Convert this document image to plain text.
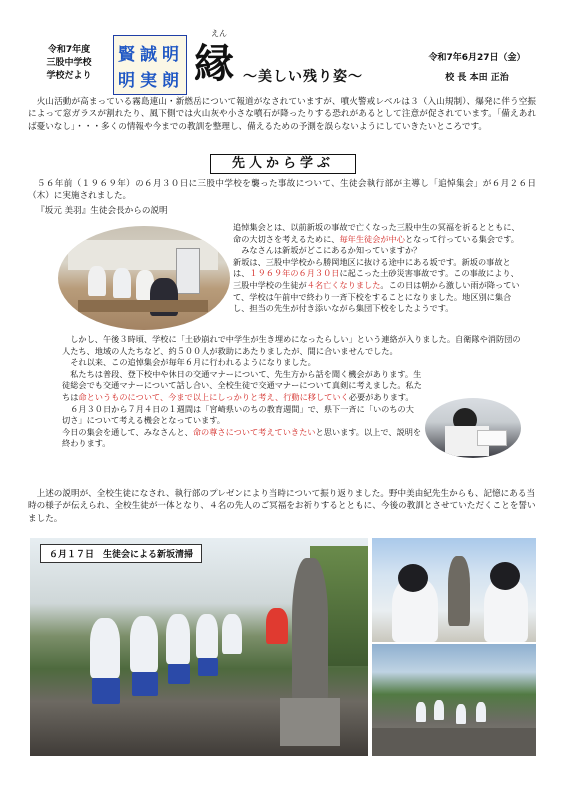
令和7年度
三股中学校
学校だより
賢 誠 明
明 実 朗
えん
縁 ～美しい残り姿～
令和7年6月27日（金）
校 長 本田 正治
　火山活動が高まっている霧島連山・新燃岳について報道がなされていますが、噴火警戒レベルは３（入山規制）、爆発に伴う空振によって窓ガラスが割れたり、風下側では火山灰や小さな噴石が降ったりする恐れがあるとして注意が促されています。「備えあれば憂いなし」・・・多くの情報や今までの教訓を整理し、備えるための予測を誤らないようにしていきたいところです。
先人から学ぶ
　５６年前（１９６９年）の６月３０日に三股中学校を襲った事故について、生徒会執行部が主導し「追悼集会」が６月２６日（木）に実施されました。
『坂元 美羽』生徒会長からの説明
追悼集会とは、以前新坂の事故で亡くなった三股中生の冥福を祈るとともに、命の大切さを考えるために、毎年生徒会が中心となって行っている集会です。
　みなさんは新坂がどこにあるか知っていますか？
新坂は、三股中学校から勝岡地区に抜ける途中にある坂です。新坂の事故とは、１９６９年の６月３０日に起こった土砂災害事故です。この事故により、三股中学校の生徒が４名亡くなりました。この日は朝から激しい雨が降っていて、学校は午前中で終わり一斉下校をすることになりました。地区別に集合し、担当の先生が付き添いながら集団下校をしたようです。
　しかし、午後３時頃、学校に「土砂崩れで中学生が生き埋めになったらしい」という連絡が入りました。自衛隊や消防団の人たち、地域の人たちなど、約５００人が救助にあたりましたが、間に合いませんでした。
　それ以来、この追悼集会が毎年６月に行われるようになりました。
　私たちは普段、登下校中や休日の交通マナーについて、先生方から話を聞く機会があります。生徒総会でも交通マナーについて話し合い、全校生徒で交通マナーについて真剣に考えました。私たちは命というものについて、今まで以上にしっかりと考え、行動に移していく必要があります。
　６月３０日から７月４日の１週間は「宮崎県いのちの教育週間」で、県下一斉に「いのちの大切さ」について考える機会となっています。
今日の集会を通して、みなさんと、命の尊さについて考えていきたいと思います。以上で、説明を終わります。
　上述の説明が、全校生徒になされ、執行部のプレゼンにより当時について振り返りました。野中美由紀先生からも、記憶にある当時の様子が伝えられ、全校生徒が一体となり、４名の先人のご冥福をお祈りするとともに、今後の教訓とさせていただくことを誓いました。
６月１７日　生徒会による新坂清掃
